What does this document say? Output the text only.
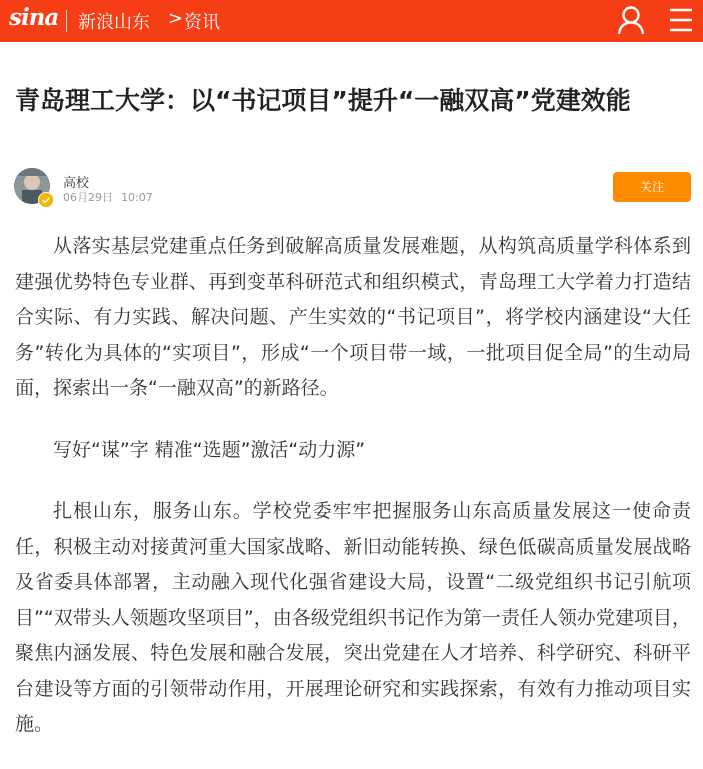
sina 新浪山东 > 资讯
青岛理工大学：以“书记项目”提升“一融双高”党建效能
高校
06月29日 10:07
关注

从落实基层党建重点任务到破解高质量发展难题，从构筑高质量学科体系到建强优势特色专业群、再到变革科研范式和组织模式，青岛理工大学着力打造结合实际、有力实践、解决问题、产生实效的“书记项目”，将学校内涵建设“大任务”转化为具体的“实项目”，形成“一个项目带一域，一批项目促全局”的生动局面，探索出一条“一融双高”的新路径。

写好“谋”字 精准“选题”激活“动力源”

扎根山东，服务山东。学校党委牢牢把握服务山东高质量发展这一使命责任，积极主动对接黄河重大国家战略、新旧动能转换、绿色低碳高质量发展战略及省委具体部署，主动融入现代化强省建设大局，设置“二级党组织书记引航项目”“双带头人领题攻坚项目”，由各级党组织书记作为第一责任人领办党建项目，聚焦内涵发展、特色发展和融合发展，突出党建在人才培养、科学研究、科研平台建设等方面的引领带动作用，开展理论研究和实践探索，有效有力推动项目实施。
